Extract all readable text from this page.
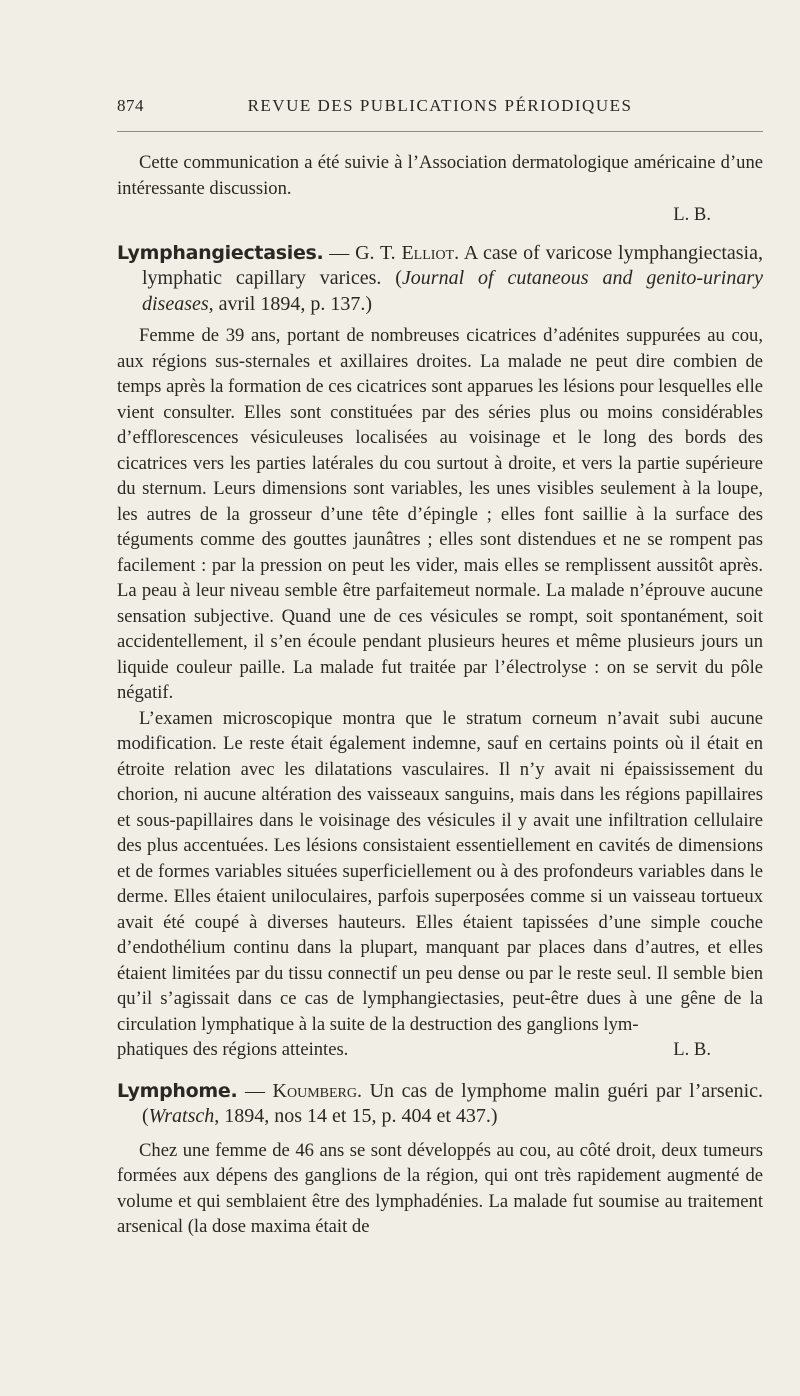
874	REVUE DES PUBLICATIONS PÉRIODIQUES

Cette communication a été suivie à l’Association dermatologique américaine d’une intéressante discussion.

L. B.

Lymphangiectasies. — G. T. Elliot. A case of varicose lymphangiectasia, lymphatic capillary varices. (Journal of cutaneous and genito-urinary diseases, avril 1894, p. 137.)

Femme de 39 ans, portant de nombreuses cicatrices d’adénites suppurées au cou, aux régions sus-sternales et axillaires droites. La malade ne peut dire combien de temps après la formation de ces cicatrices sont apparues les lésions pour lesquelles elle vient consulter. Elles sont constituées par des séries plus ou moins considérables d’efflorescences vésiculeuses localisées au voisinage et le long des bords des cicatrices vers les parties latérales du cou surtout à droite, et vers la partie supérieure du sternum. Leurs dimensions sont variables, les unes visibles seulement à la loupe, les autres de la grosseur d’une tête d’épingle ; elles font saillie à la surface des téguments comme des gouttes jaunâtres ; elles sont distendues et ne se rompent pas facilement : par la pression on peut les vider, mais elles se remplissent aussitôt après. La peau à leur niveau semble être parfaitemeut normale. La malade n’éprouve aucune sensation subjective. Quand une de ces vésicules se rompt, soit spontanément, soit accidentellement, il s’en écoule pendant plusieurs heures et même plusieurs jours un liquide couleur paille. La malade fut traitée par l’électrolyse : on se servit du pôle négatif.

L’examen microscopique montra que le stratum corneum n’avait subi aucune modification. Le reste était également indemne, sauf en certains points où il était en étroite relation avec les dilatations vasculaires. Il n’y avait ni épaississement du chorion, ni aucune altération des vaisseaux sanguins, mais dans les régions papillaires et sous-papillaires dans le voisinage des vésicules il y avait une infiltration cellulaire des plus accentuées. Les lésions consistaient essentiellement en cavités de dimensions et de formes variables situées superficiellement ou à des profondeurs variables dans le derme. Elles étaient uniloculaires, parfois superposées comme si un vaisseau tortueux avait été coupé à diverses hauteurs. Elles étaient tapissées d’une simple couche d’endothélium continu dans la plupart, manquant par places dans d’autres, et elles étaient limitées par du tissu connectif un peu dense ou par le reste seul. Il semble bien qu’il s’agissait dans ce cas de lymphangiectasies, peut-être dues à une gêne de la circulation lymphatique à la suite de la destruction des ganglions lym-

phatiques des régions atteintes.	L. B.

Lymphome. — Koumberg. Un cas de lymphome malin guéri par l’arsenic. (Wratsch, 1894, nos 14 et 15, p. 404 et 437.)

Chez une femme de 46 ans se sont développés au cou, au côté droit, deux tumeurs formées aux dépens des ganglions de la région, qui ont très rapidement augmenté de volume et qui semblaient être des lymphadénies. La malade fut soumise au traitement arsenical (la dose maxima était de
